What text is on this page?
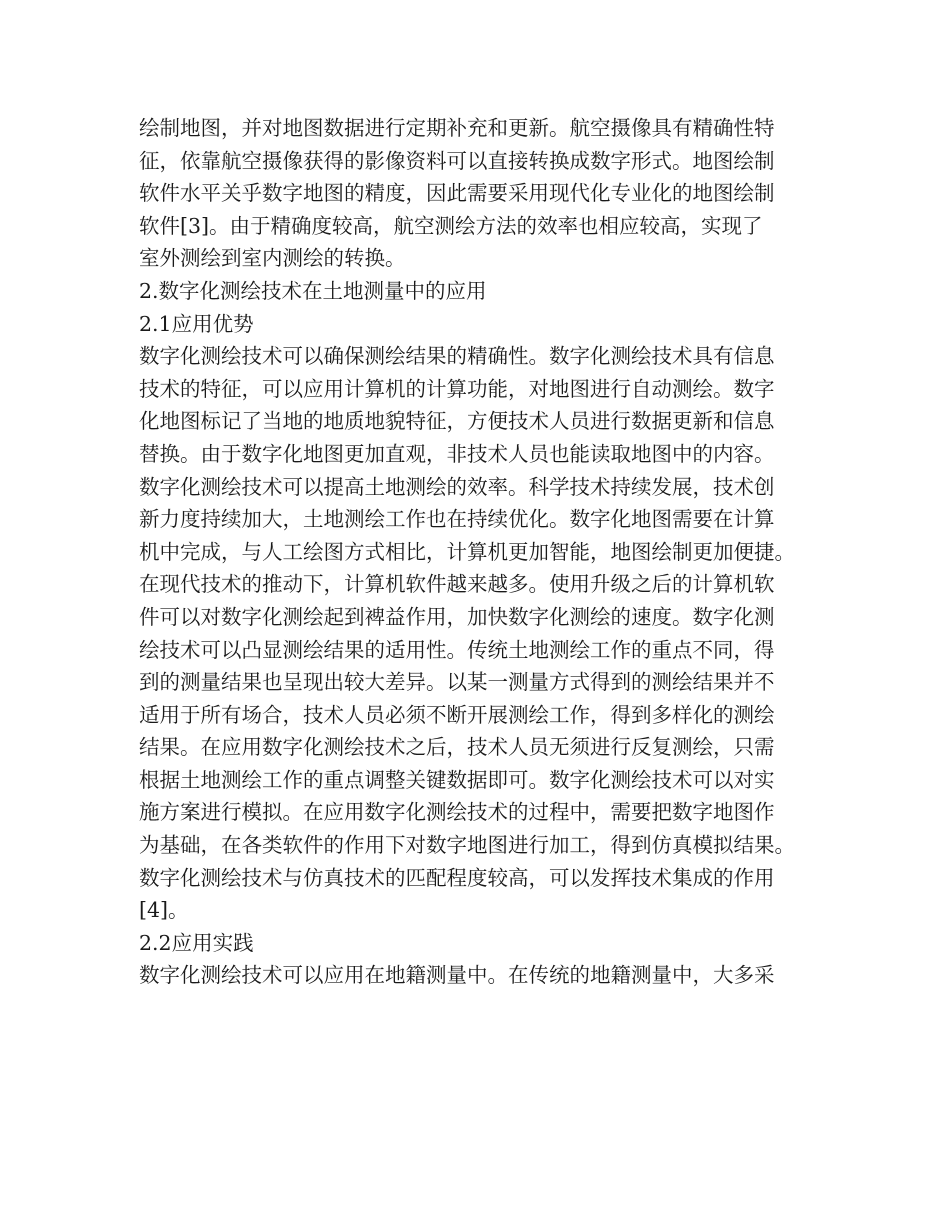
绘制地图，并对地图数据进行定期补充和更新。航空摄像具有精确性特
征，依靠航空摄像获得的影像资料可以直接转换成数字形式。地图绘制
软件水平关乎数字地图的精度，因此需要采用现代化专业化的地图绘制
软件[3]。由于精确度较高，航空测绘方法的效率也相应较高，实现了
室外测绘到室内测绘的转换。
2.数字化测绘技术在土地测量中的应用
2.1应用优势
数字化测绘技术可以确保测绘结果的精确性。数字化测绘技术具有信息
技术的特征，可以应用计算机的计算功能，对地图进行自动测绘。数字
化地图标记了当地的地质地貌特征，方便技术人员进行数据更新和信息
替换。由于数字化地图更加直观，非技术人员也能读取地图中的内容。
数字化测绘技术可以提高土地测绘的效率。科学技术持续发展，技术创
新力度持续加大，土地测绘工作也在持续优化。数字化地图需要在计算
机中完成，与人工绘图方式相比，计算机更加智能，地图绘制更加便捷。
在现代技术的推动下，计算机软件越来越多。使用升级之后的计算机软
件可以对数字化测绘起到裨益作用，加快数字化测绘的速度。数字化测
绘技术可以凸显测绘结果的适用性。传统土地测绘工作的重点不同，得
到的测量结果也呈现出较大差异。以某一测量方式得到的测绘结果并不
适用于所有场合，技术人员必须不断开展测绘工作，得到多样化的测绘
结果。在应用数字化测绘技术之后，技术人员无须进行反复测绘，只需
根据土地测绘工作的重点调整关键数据即可。数字化测绘技术可以对实
施方案进行模拟。在应用数字化测绘技术的过程中，需要把数字地图作
为基础，在各类软件的作用下对数字地图进行加工，得到仿真模拟结果。
数字化测绘技术与仿真技术的匹配程度较高，可以发挥技术集成的作用
[4]。
2.2应用实践
数字化测绘技术可以应用在地籍测量中。在传统的地籍测量中，大多采
